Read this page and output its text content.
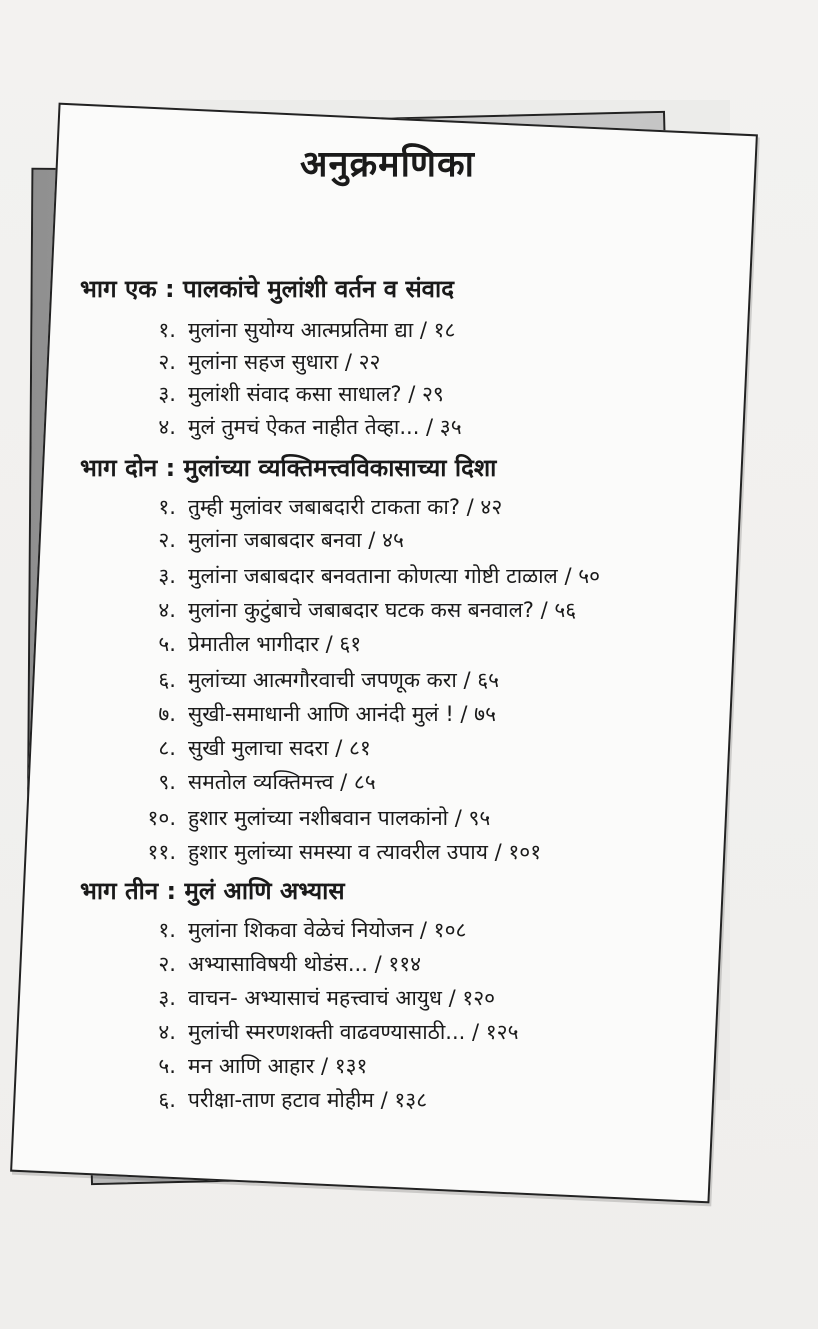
अनुक्रमणिका
भाग एक : पालकांचे मुलांशी वर्तन व संवाद
१. मुलांना सुयोग्य आत्मप्रतिमा द्या / १८
२. मुलांना सहज सुधारा / २२
३. मुलांशी संवाद कसा साधाल? / २९
४. मुलं तुमचं ऐकत नाहीत तेव्हा... / ३५
भाग दोन : मुलांच्या व्यक्तिमत्त्वविकासाच्या दिशा
१. तुम्ही मुलांवर जबाबदारी टाकता का? / ४२
२. मुलांना जबाबदार बनवा / ४५
३. मुलांना जबाबदार बनवताना कोणत्या गोष्टी टाळाल / ५०
४. मुलांना कुटुंबाचे जबाबदार घटक कस बनवाल? / ५६
५. प्रेमातील भागीदार / ६१
६. मुलांच्या आत्मगौरवाची जपणूक करा / ६५
७. सुखी-समाधानी आणि आनंदी मुलं ! / ७५
८. सुखी मुलाचा सदरा / ८१
९. समतोल व्यक्तिमत्त्व / ८५
१०. हुशार मुलांच्या नशीबवान पालकांनो / ९५
११. हुशार मुलांच्या समस्या व त्यावरील उपाय / १०१
भाग तीन : मुलं आणि अभ्यास
१. मुलांना शिकवा वेळेचं नियोजन / १०८
२. अभ्यासाविषयी थोडंस... / ११४
३. वाचन- अभ्यासाचं महत्त्वाचं आयुध / १२०
४. मुलांची स्मरणशक्ती वाढवण्यासाठी... / १२५
५. मन आणि आहार / १३१
६. परीक्षा-ताण हटाव मोहीम / १३८
